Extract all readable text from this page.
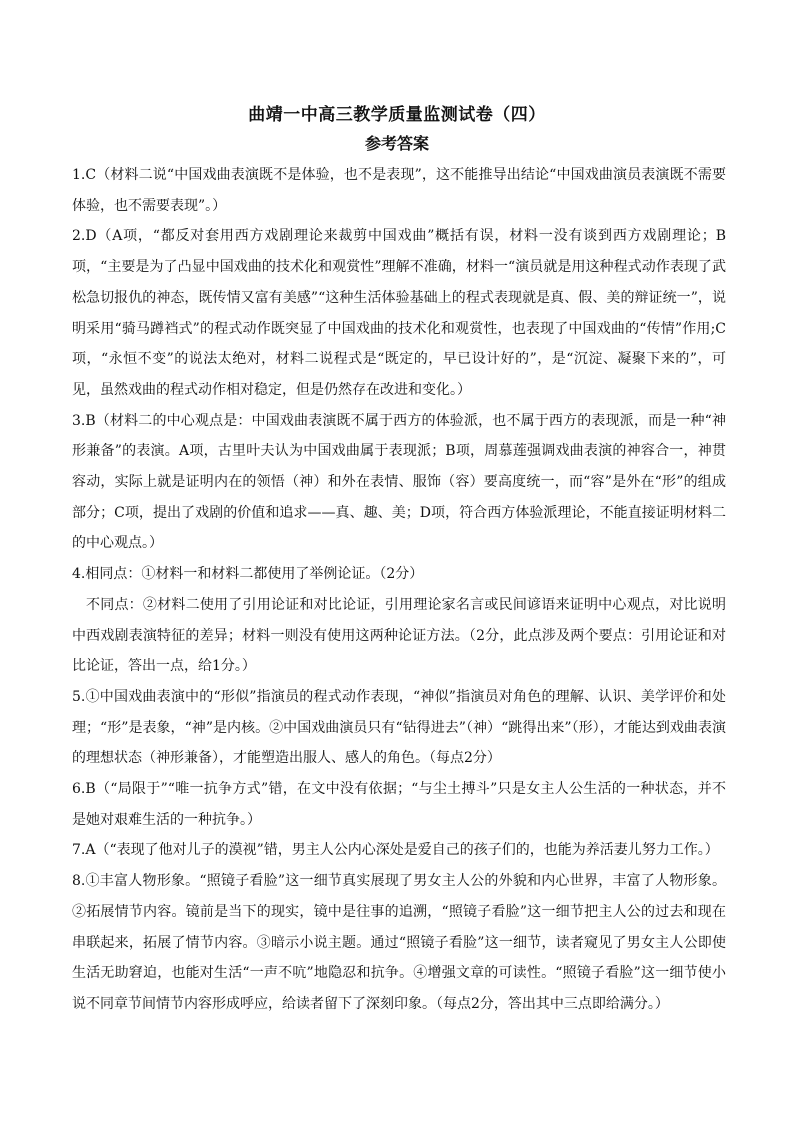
曲靖一中高三教学质量监测试卷（四）
参考答案

1.C（材料二说“中国戏曲表演既不是体验，也不是表现”，这不能推导出结论“中国戏曲演员表演既不需要体验，也不需要表现”。）

2.D（A项，“都反对套用西方戏剧理论来裁剪中国戏曲”概括有误，材料一没有谈到西方戏剧理论；B项，“主要是为了凸显中国戏曲的技术化和观赏性”理解不准确，材料一“演员就是用这种程式动作表现了武松急切报仇的神态，既传情又富有美感”“这种生活体验基础上的程式表现就是真、假、美的辩证统一”，说明采用“骑马蹲裆式”的程式动作既突显了中国戏曲的技术化和观赏性，也表现了中国戏曲的“传情”作用;C项，“永恒不变”的说法太绝对，材料二说程式是“既定的，早已设计好的”，是“沉淀、凝聚下来的”，可见，虽然戏曲的程式动作相对稳定，但是仍然存在改进和变化。）

3.B（材料二的中心观点是：中国戏曲表演既不属于西方的体验派，也不属于西方的表现派，而是一种“神形兼备”的表演。A项，古里叶夫认为中国戏曲属于表现派；B项，周慕莲强调戏曲表演的神容合一，神贯容动，实际上就是证明内在的领悟（神）和外在表情、服饰（容）要高度统一，而“容”是外在“形”的组成部分；C项，提出了戏剧的价值和追求——真、趣、美；D项，符合西方体验派理论，不能直接证明材料二的中心观点。）

4.相同点：①材料一和材料二都使用了举例论证。（2分）

不同点：②材料二使用了引用论证和对比论证，引用理论家名言或民间谚语来证明中心观点，对比说明中西戏剧表演特征的差异；材料一则没有使用这两种论证方法。（2分，此点涉及两个要点：引用论证和对比论证，答出一点，给1分。）

5.①中国戏曲表演中的“形似”指演员的程式动作表现，“神似”指演员对角色的理解、认识、美学评价和处理；“形”是表象，“神”是内核。②中国戏曲演员只有“钻得进去”（神）“跳得出来”（形），才能达到戏曲表演的理想状态（神形兼备），才能塑造出服人、感人的角色。（每点2分）

6.B（“局限于”“唯一抗争方式”错，在文中没有依据；“与尘土搏斗”只是女主人公生活的一种状态，并不是她对艰难生活的一种抗争。）

7.A（“表现了他对儿子的漠视”错，男主人公内心深处是爱自己的孩子们的，也能为养活妻儿努力工作。）

8.①丰富人物形象。“照镜子看脸”这一细节真实展现了男女主人公的外貌和内心世界，丰富了人物形象。②拓展情节内容。镜前是当下的现实，镜中是往事的追溯，“照镜子看脸”这一细节把主人公的过去和现在串联起来，拓展了情节内容。③暗示小说主题。通过“照镜子看脸”这一细节，读者窥见了男女主人公即使生活无助窘迫，也能对生活“一声不吭”地隐忍和抗争。④增强文章的可读性。“照镜子看脸”这一细节使小说不同章节间情节内容形成呼应，给读者留下了深刻印象。（每点2分，答出其中三点即给满分。）
